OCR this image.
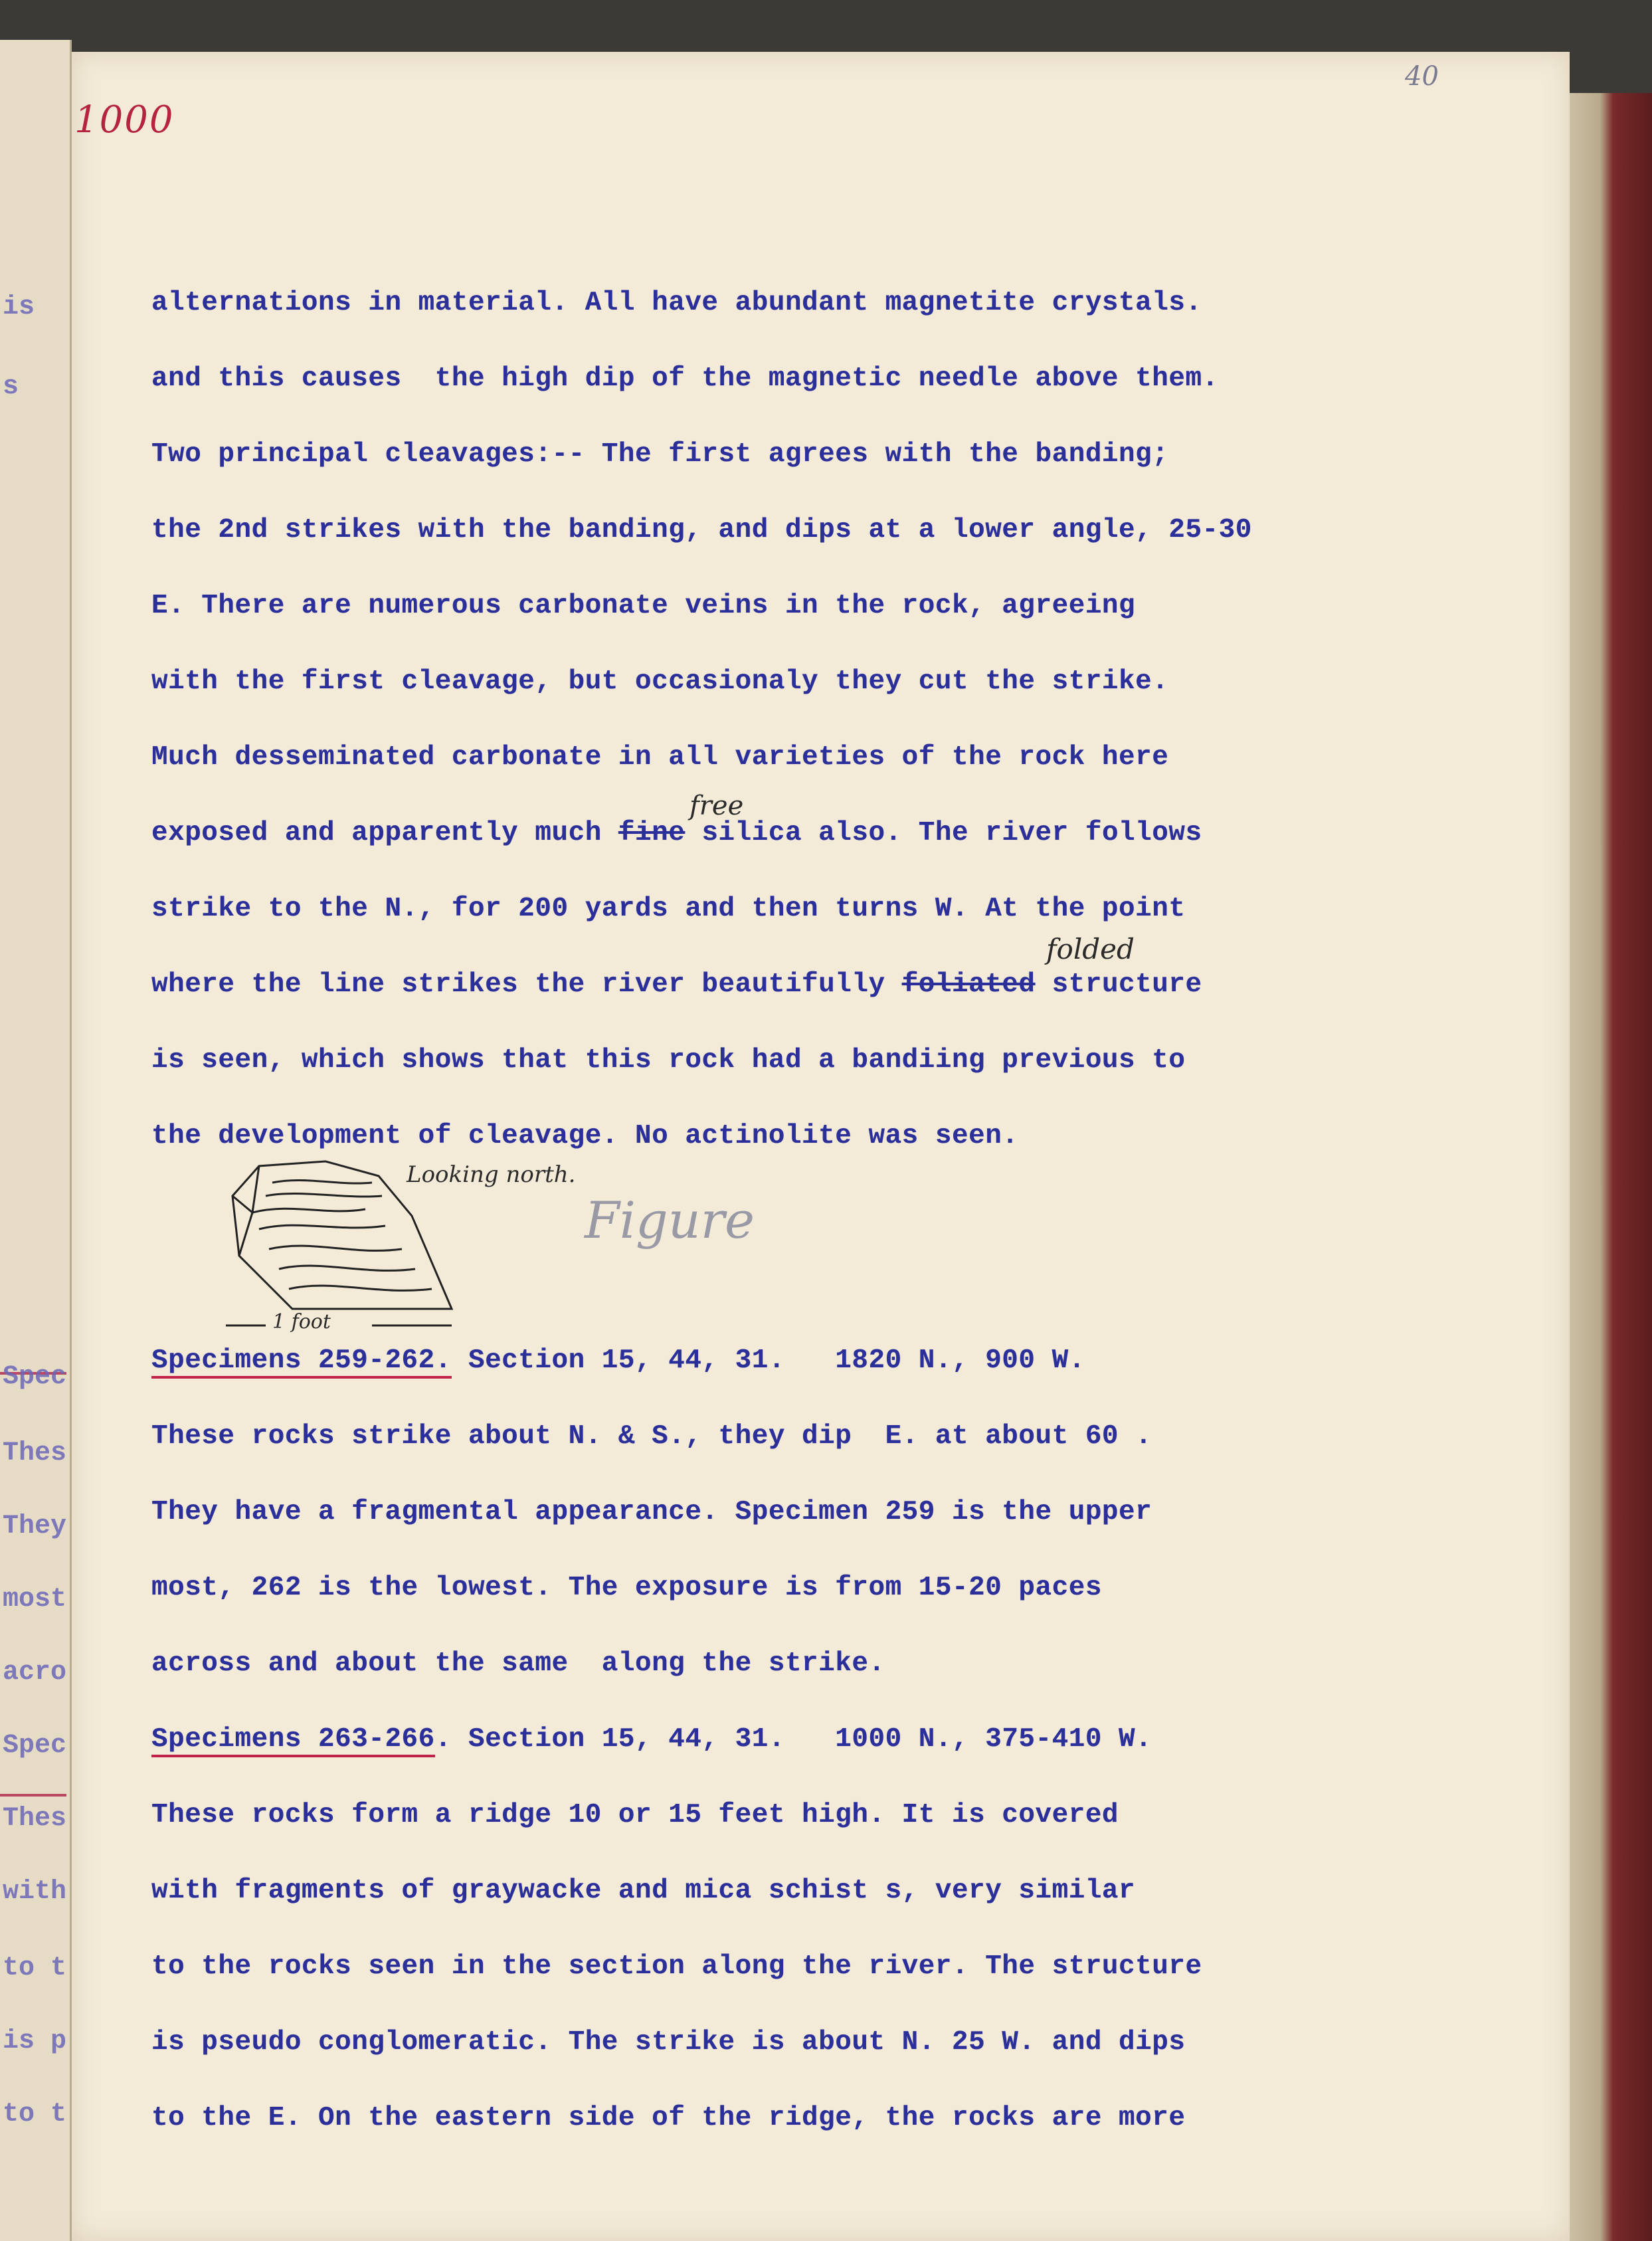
is
s
Spec
Thes
They
most
acro
Spec
Thes
with
to t
is p
to t
40
1000
alternations in material. All have abundant magnetite crystals.
and this causes  the high dip of the magnetic needle above them.
Two principal cleavages:-- The first agrees with the banding;
the 2nd strikes with the banding, and dips at a lower angle, 25-30
E. There are numerous carbonate veins in the rock, agreeing
with the first cleavage, but occasionaly they cut the strike.
Much desseminated carbonate in all varieties of the rock here
free
exposed and apparently much fine silica also. The river follows
strike to the N., for 200 yards and then turns W. At the point
folded
where the line strikes the river beautifully foliated structure
is seen, which shows that this rock had a bandiing previous to
the development of cleavage. No actinolite was seen.
Looking north.
1 foot
Figure
Specimens 259-262. Section 15, 44, 31.   1820 N., 900 W.
These rocks strike about N. & S., they dip  E. at about 60 .
They have a fragmental appearance. Specimen 259 is the upper
most, 262 is the lowest. The exposure is from 15-20 paces
across and about the same  along the strike.
Specimens 263-266. Section 15, 44, 31.   1000 N., 375-410 W.
These rocks form a ridge 10 or 15 feet high. It is covered
with fragments of graywacke and mica schist s, very similar
to the rocks seen in the section along the river. The structure
is pseudo conglomeratic. The strike is about N. 25 W. and dips
to the E. On the eastern side of the ridge, the rocks are more
